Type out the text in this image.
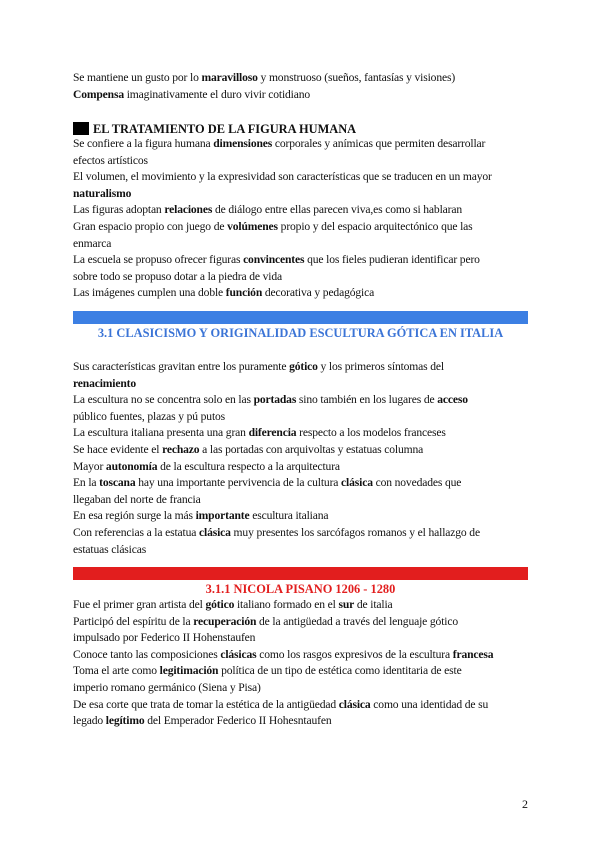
Se mantiene un gusto por lo maravilloso y monstruoso (sueños, fantasías y visiones)
Compensa imaginativamente el duro vivir cotidiano
EL TRATAMIENTO DE LA FIGURA HUMANA
Se confiere a la figura humana dimensiones corporales y anímicas que permiten desarrollar
efectos artísticos
El volumen, el movimiento y la expresividad son características que se traducen en un mayor
naturalismo
Las figuras adoptan relaciones de diálogo entre ellas parecen viva,es como si hablaran
Gran espacio propio con juego de volúmenes propio y del espacio arquitectónico que las
enmarca
La escuela se propuso ofrecer figuras convincentes que los fieles pudieran identificar pero
sobre todo se propuso dotar a la piedra de vida
Las imágenes cumplen una doble función decorativa y pedagógica
3.1 CLASICISMO Y ORIGINALIDAD ESCULTURA GÓTICA EN ITALIA
Sus características gravitan entre los puramente gótico y los primeros síntomas del
renacimiento
La escultura no se concentra solo en las portadas sino también en los lugares de acceso
público fuentes, plazas y pú putos
La escultura italiana presenta una gran diferencia respecto a los modelos franceses
Se hace evidente el rechazo a las portadas con arquivoltas y estatuas columna
Mayor autonomía de la escultura respecto a la arquitectura
En la toscana hay una importante pervivencia de la cultura clásica con novedades que
llegaban del norte de francia
En esa región surge la más importante escultura italiana
Con referencias a la estatua clásica muy presentes los sarcófagos romanos y el hallazgo de
estatuas clásicas
3.1.1 NICOLA PISANO 1206 - 1280
Fue el primer gran artista del gótico italiano formado en el sur de italia
Participó del espíritu de la recuperación de la antigüedad a través del lenguaje gótico
impulsado por Federico II Hohenstaufen
Conoce tanto las composiciones clásicas como los rasgos expresivos de la escultura francesa
Toma el arte como legitimación política de un tipo de estética como identitaria de este
imperio romano germánico (Siena y Pisa)
De esa corte que trata de tomar la estética de la antigüedad clásica como una identidad de su
legado legítimo del Emperador Federico II Hohesntaufen
2
